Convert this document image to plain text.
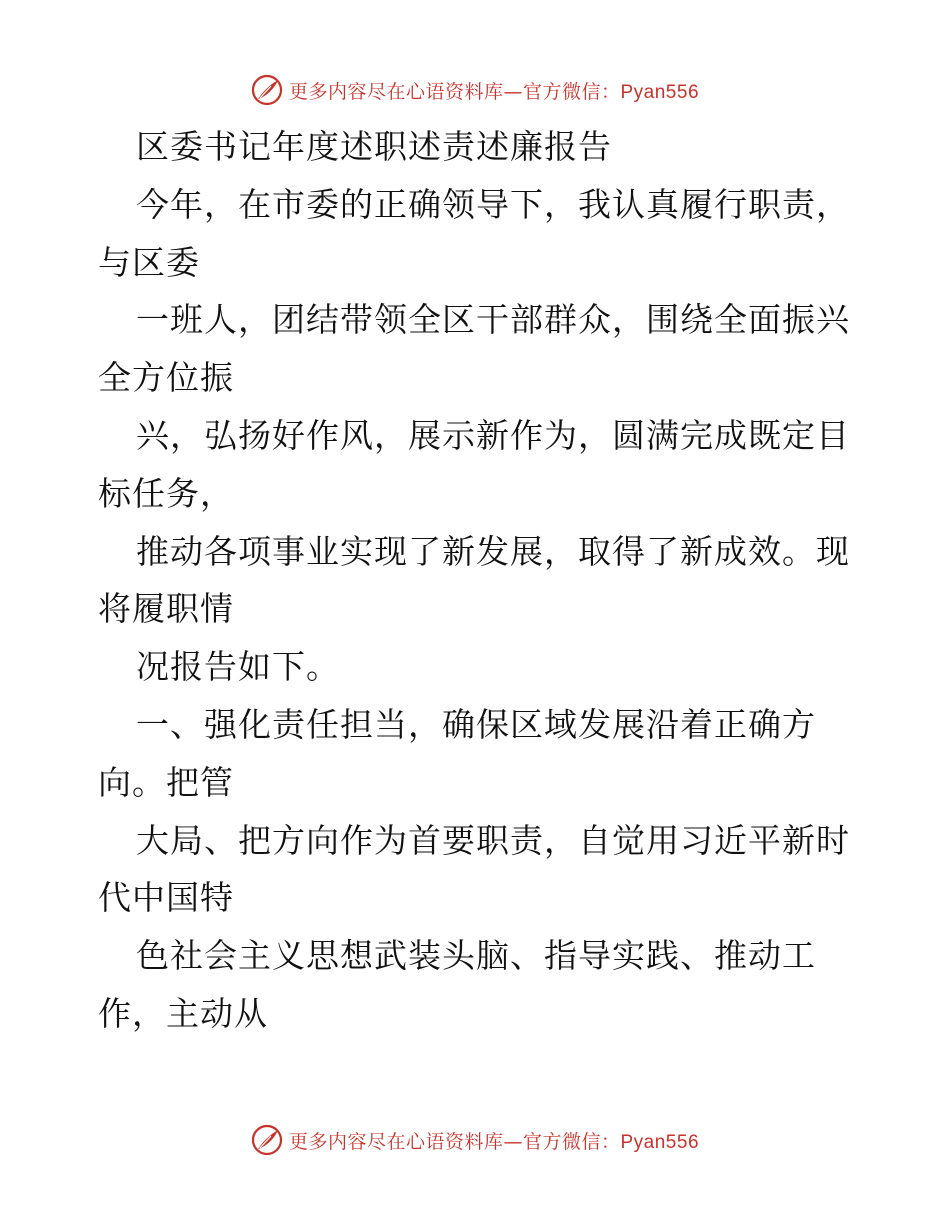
更多内容尽在心语资料库—官方微信：Pyan556
区委书记年度述职述责述廉报告
今年，在市委的正确领导下，我认真履行职责，
与区委
一班人，团结带领全区干部群众，围绕全面振兴
全方位振
兴，弘扬好作风，展示新作为，圆满完成既定目
标任务，
推动各项事业实现了新发展，取得了新成效。现
将履职情
况报告如下。
一、强化责任担当，确保区域发展沿着正确方
向。把管
大局、把方向作为首要职责，自觉用习近平新时
代中国特
色社会主义思想武装头脑、指导实践、推动工
作，主动从
更多内容尽在心语资料库—官方微信：Pyan556
